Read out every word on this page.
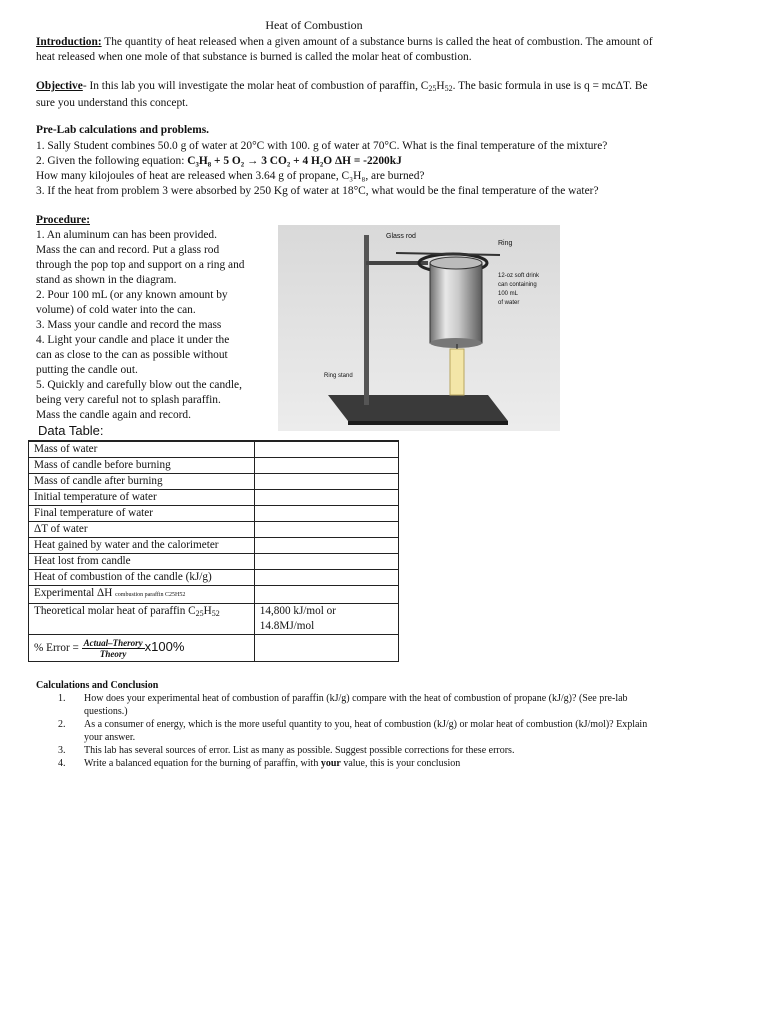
Heat of Combustion
Introduction: The quantity of heat released when a given amount of a substance burns is called the heat of combustion. The amount of
heat released when one mole of that substance is burned is called the molar heat of combustion.
Objective- In this lab you will investigate the molar heat of combustion of paraffin, $C_{25}H_{52}$. The basic formula in use is q = mcΔT. Be
sure you understand this concept.
Pre-Lab calculations and problems.
1. Sally Student combines 50.0 g of water at 20°C with 100. g of water at 70°C. What is the final temperature of the mixture?
2. Given the following equation: C₃H₈ + 5 O₂ → 3 CO₂ + 4 H₂O ΔH = -2200kJ
How many kilojoules of heat are released when 3.64 g of propane, C₃H₈, are burned?
3. If the heat from problem 3 were absorbed by 250 Kg of water at 18°C, what would be the final temperature of the water?
Procedure:
1. An aluminum can has been provided.
Mass the can and record. Put a glass rod
through the pop top and support on a ring and
stand as shown in the diagram.
2. Pour 100 mL (or any known amount by
volume) of cold water into the can.
3. Mass your candle and record the mass
4. Light your candle and place it under the
can as close to the can as possible without
putting the candle out.
5. Quickly and carefully blow out the candle,
being very careful not to splash paraffin.
Mass the candle again and record.
Glass rod
Ring
12-oz soft drink
can containing
100 mL
of water
Ring stand
Data Table:
Mass of water	
Mass of candle before burning	
Mass of candle after burning	
Initial temperature of water	
Final temperature of water	
ΔT of water	
Heat gained by water and the calorimeter	
Heat lost from candle	
Heat of combustion of the candle (kJ/g)	
Experimental ΔH combustion paraffin C25H52	
Theoretical molar heat of paraffin $C_{25}H_{52}$	14,800 kJ/mol or
14.8MJ/mol

% Error = $\frac{\text{Actual–Therory}}{\text{Theory}} x100\%$	
Calculations and Conclusion
1. How does your experimental heat of combustion of paraffin (kJ/g) compare with the heat of combustion of propane (kJ/g)? (See pre-lab
questions.)
2. As a consumer of energy, which is the more useful quantity to you, heat of combustion (kJ/g) or molar heat of combustion (kJ/mol)? Explain
your answer.
3. This lab has several sources of error. List as many as possible. Suggest possible corrections for these errors.
4. Write a balanced equation for the burning of paraffin, with your value, this is your conclusion
